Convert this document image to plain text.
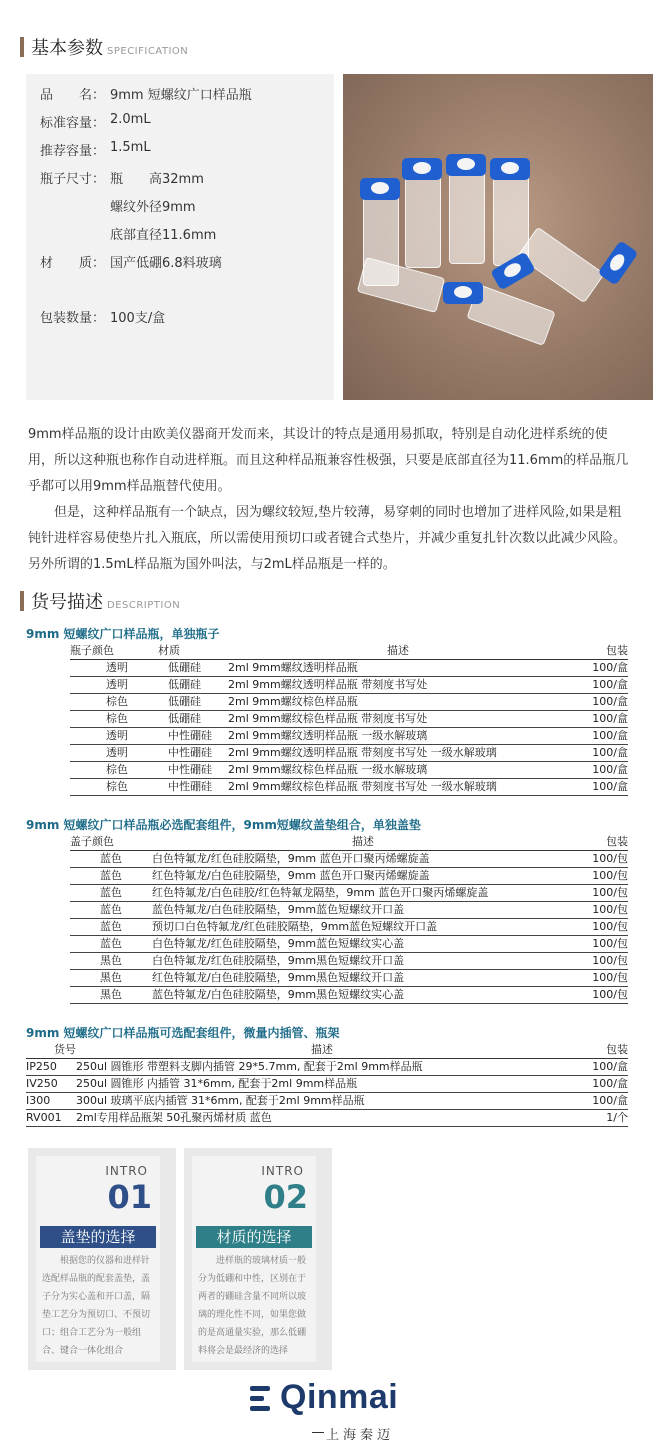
基本参数 SPECIFICATION
品　　名： 9mm 短螺纹广口样品瓶
标准容量： 2.0mL
推荐容量： 1.5mL
瓶子尺寸： 瓶　　高32mm
螺纹外径9mm
底部直径11.6mm
材　　质： 国产低硼6.8料玻璃
包装数量： 100支/盒

9mm样品瓶的设计由欧美仪器商开发而来，其设计的特点是通用易抓取，特别是自动化进样系统的使用，所以这种瓶也称作自动进样瓶。而且这种样品瓶兼容性极强，只要是底部直径为11.6mm的样品瓶几乎都可以用9mm样品瓶替代使用。

但是，这种样品瓶有一个缺点，因为螺纹较短,垫片较薄，易穿刺的同时也增加了进样风险,如果是粗钝针进样容易使垫片扎入瓶底，所以需使用预切口或者键合式垫片，并减少重复扎针次数以此减少风险。

另外所谓的1.5mL样品瓶为国外叫法，与2mL样品瓶是一样的。

货号描述 DESCRIPTION
9mm 短螺纹广口样品瓶，单独瓶子
瓶子颜色	材质	描述	包装
透明	低硼硅	2ml 9mm螺纹透明样品瓶	100/盒
透明	低硼硅	2ml 9mm螺纹透明样品瓶 带刻度书写处	100/盒
棕色	低硼硅	2ml 9mm螺纹棕色样品瓶	100/盒
棕色	低硼硅	2ml 9mm螺纹棕色样品瓶 带刻度书写处	100/盒
透明	中性硼硅	2ml 9mm螺纹透明样品瓶 一级水解玻璃	100/盒
透明	中性硼硅	2ml 9mm螺纹透明样品瓶 带刻度书写处 一级水解玻璃	100/盒
棕色	中性硼硅	2ml 9mm螺纹棕色样品瓶 一级水解玻璃	100/盒
棕色	中性硼硅	2ml 9mm螺纹棕色样品瓶 带刻度书写处 一级水解玻璃	100/盒
9mm 短螺纹广口样品瓶必选配套组件，9mm短螺纹盖垫组合，单独盖垫
盖子颜色	描述	包装
蓝色	白色特氟龙/红色硅胶隔垫，9mm 蓝色开口聚丙烯螺旋盖	100/包
蓝色	红色特氟龙/白色硅胶隔垫，9mm 蓝色开口聚丙烯螺旋盖	100/包
蓝色	红色特氟龙/白色硅胶/红色特氟龙隔垫，9mm 蓝色开口聚丙烯螺旋盖	100/包
蓝色	蓝色特氟龙/白色硅胶隔垫，9mm蓝色短螺纹开口盖	100/包
蓝色	预切口白色特氟龙/红色硅胶隔垫，9mm蓝色短螺纹开口盖	100/包
蓝色	白色特氟龙/红色硅胶隔垫，9mm蓝色短螺纹实心盖	100/包
黑色	白色特氟龙/红色硅胶隔垫，9mm黑色短螺纹开口盖	100/包
黑色	红色特氟龙/白色硅胶隔垫，9mm黑色短螺纹开口盖	100/包
黑色	蓝色特氟龙/白色硅胶隔垫，9mm黑色短螺纹实心盖	100/包
9mm 短螺纹广口样品瓶可选配套组件，微量内插管、瓶架
货号	描述	包装
IP250	250ul 圆锥形 带塑料支脚内插管 29*5.7mm, 配套于2ml 9mm样品瓶	100/盒
IV250	250ul 圆锥形 内插管 31*6mm, 配套于2ml 9mm样品瓶	100/盒
I300	300ul 玻璃平底内插管 31*6mm, 配套于2ml 9mm样品瓶	100/盒
RV001	2ml专用样品瓶架 50孔聚丙烯材质 蓝色	1/个
INTRO
01
盖垫的选择
根据您的仪器和进样针选配样品瓶的配套盖垫，盖子分为实心盖和开口盖，隔垫工艺分为预切口、不预切口；组合工艺分为一般组合、键合一体化组合
INTRO
02
材质的选择
进样瓶的玻璃材质一般分为低硼和中性，区别在于两者的硼硅含量不同所以玻璃的理化性不同，如果您做的是高通量实验，那么低硼料将会是最经济的选择
Qinmai
上海秦迈
